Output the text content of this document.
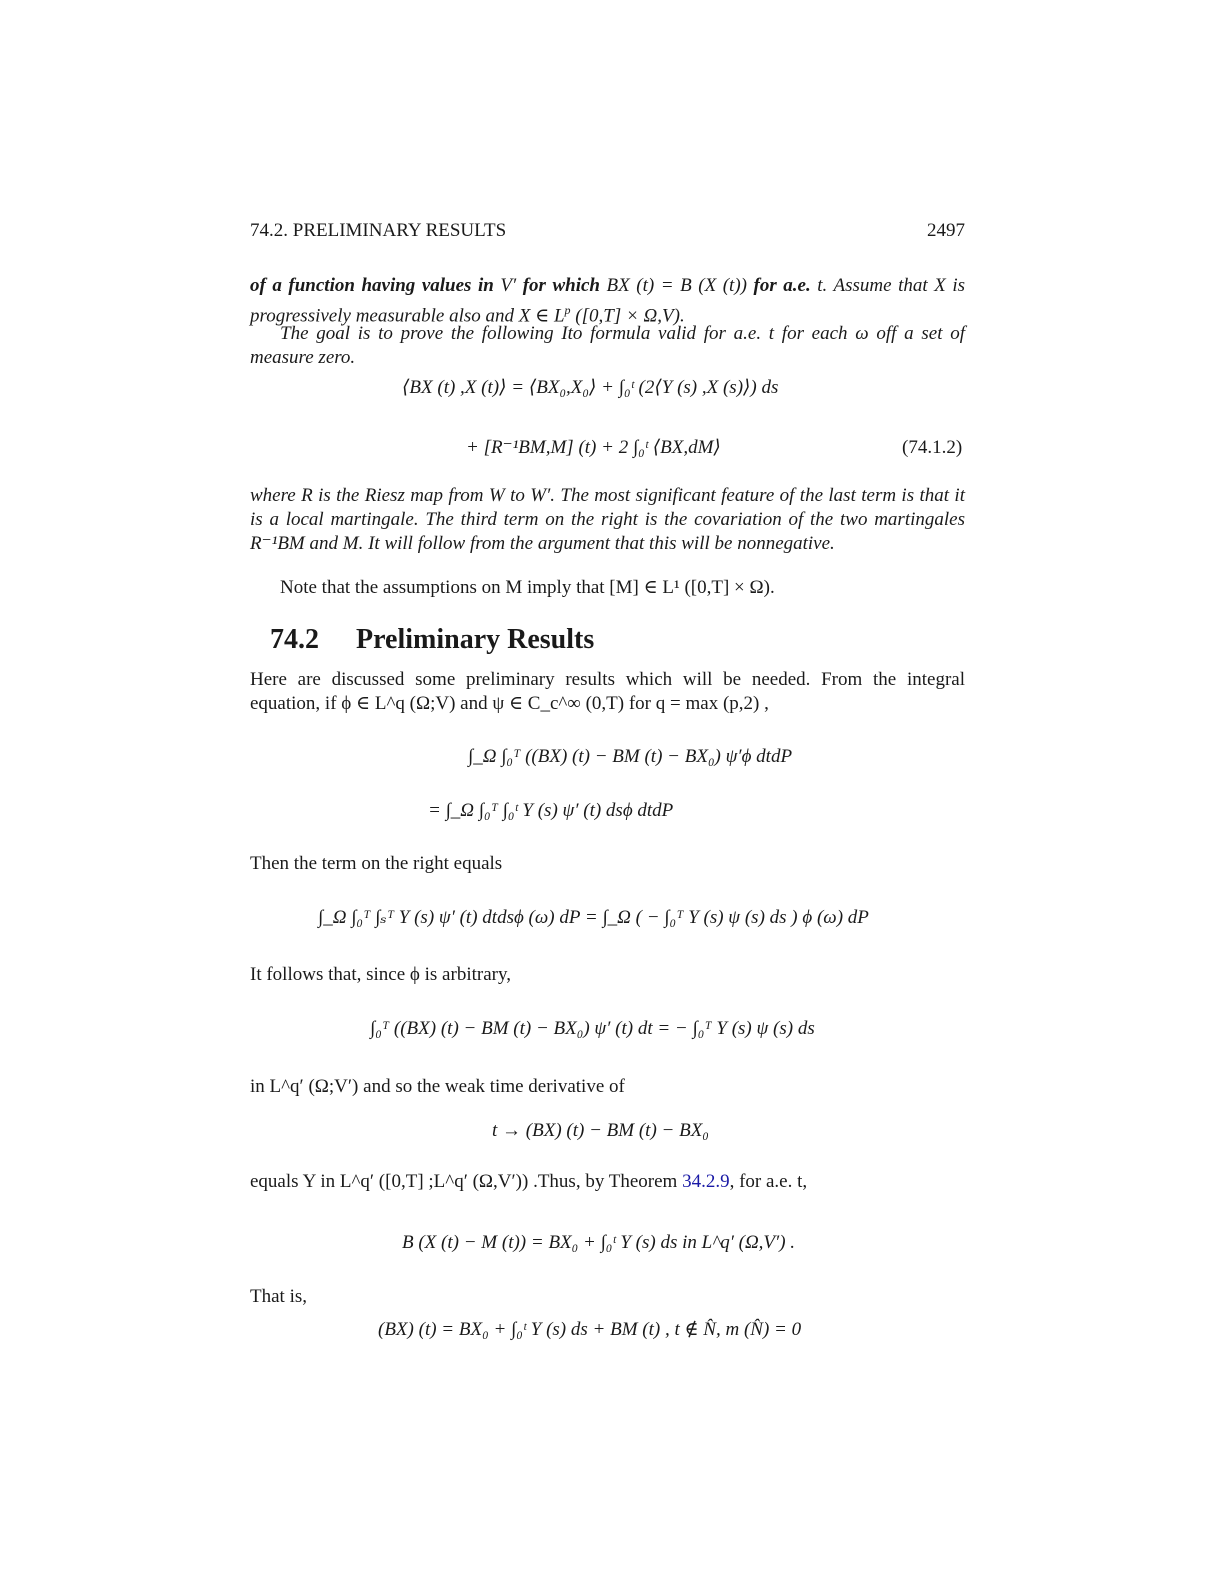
74.2. PRELIMINARY RESULTS	2497
of a function having values in V′ for which BX (t) = B (X (t)) for a.e. t. Assume that X is progressively measurable also and X ∈ $L^p$ ([0,T] × Ω,V).
The goal is to prove the following Ito formula valid for a.e. t for each ω off a set of measure zero.
⟨BX (t) ,X (t)⟩ = ⟨BX₀,X₀⟩ + ∫₀ᵗ (2⟨Y (s) ,X (s)⟩) ds
+ [R⁻¹BM,M] (t) + 2 ∫₀ᵗ ⟨BX,dM⟩	(74.1.2)
where R is the Riesz map from W to W′. The most significant feature of the last term is that it is a local martingale. The third term on the right is the covariation of the two martingales R⁻¹BM and M. It will follow from the argument that this will be nonnegative.
Note that the assumptions on M imply that [M] ∈ L¹ ([0,T] × Ω).
74.2 Preliminary Results
Here are discussed some preliminary results which will be needed. From the integral equation, if ϕ ∈ L^q (Ω;V) and ψ ∈ C_c^∞ (0,T) for q = max (p,2) ,
∫_Ω ∫₀ᵀ ((BX) (t) − BM (t) − BX₀) ψ′ϕ dtdP
= ∫_Ω ∫₀ᵀ ∫₀ᵗ Y (s) ψ′ (t) dsϕ dtdP
Then the term on the right equals
∫_Ω ∫₀ᵀ ∫ₛᵀ Y (s) ψ′ (t) dtdsϕ (ω) dP = ∫_Ω ( − ∫₀ᵀ Y (s) ψ (s) ds ) ϕ (ω) dP
It follows that, since ϕ is arbitrary,
∫₀ᵀ ((BX) (t) − BM (t) − BX₀) ψ′ (t) dt = − ∫₀ᵀ Y (s) ψ (s) ds
in L^q′ (Ω;V′) and so the weak time derivative of
t → (BX) (t) − BM (t) − BX₀
equals Y in L^q′ ([0,T] ;L^q′ (Ω,V′)) .Thus, by Theorem 34.2.9, for a.e. t,
B (X (t) − M (t)) = BX₀ + ∫₀ᵗ Y (s) ds in L^q′ (Ω,V′) .
That is,
(BX) (t) = BX₀ + ∫₀ᵗ Y (s) ds + BM (t) , t ∉ N̂, m (N̂) = 0
